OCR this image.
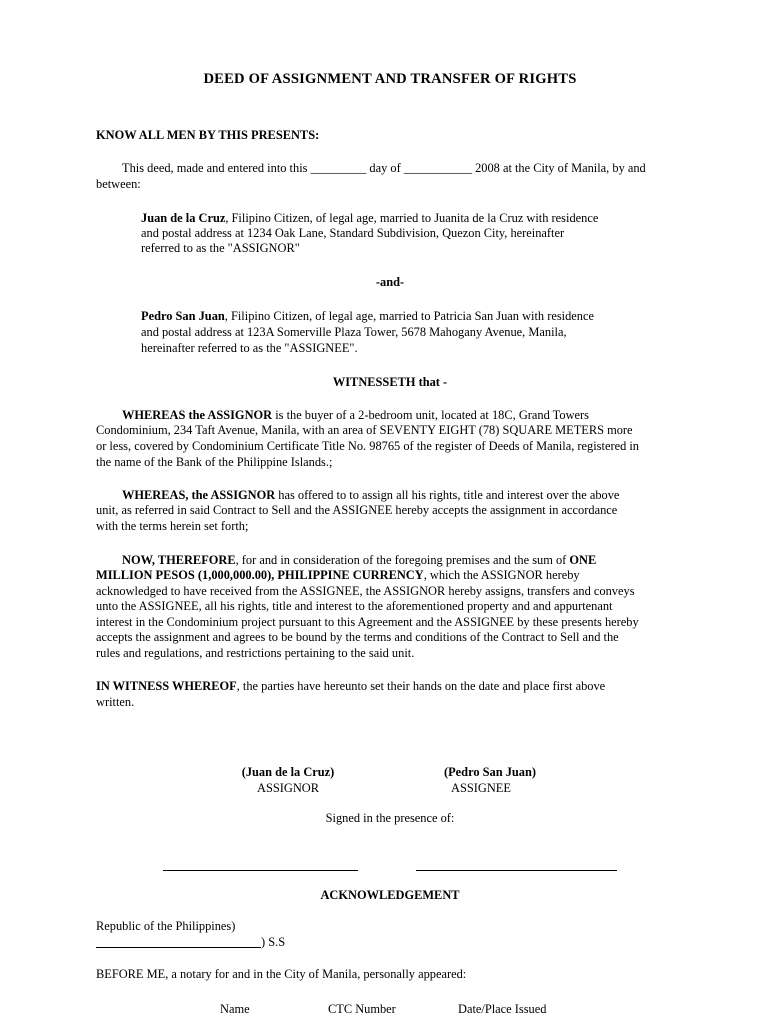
DEED OF ASSIGNMENT AND TRANSFER OF RIGHTS
KNOW ALL MEN BY THIS PRESENTS:
This deed, made and entered into this _________ day of ___________ 2008 at the City of Manila, by and
between:
Juan de la Cruz, Filipino Citizen, of legal age, married to Juanita de la Cruz with residence
and postal address at 1234 Oak Lane, Standard Subdivision, Quezon City, hereinafter
referred to as the "ASSIGNOR"
-and-
Pedro San Juan, Filipino Citizen, of legal age, married to Patricia San Juan with residence
and postal address at 123A Somerville Plaza Tower, 5678 Mahogany Avenue, Manila,
hereinafter referred to as the "ASSIGNEE".
WITNESSETH that -
WHEREAS the ASSIGNOR is the buyer of a 2-bedroom unit, located at 18C, Grand Towers
Condominium, 234 Taft Avenue, Manila, with an area of SEVENTY EIGHT (78) SQUARE METERS more
or less, covered by Condominium Certificate Title No. 98765 of the register of Deeds of Manila, registered in
the name of the Bank of the Philippine Islands.;
WHEREAS, the ASSIGNOR has offered to to assign all his rights, title and interest over the above
unit, as referred in said Contract to Sell and the ASSIGNEE hereby accepts the assignment in accordance
with the terms herein set forth;
NOW, THEREFORE, for and in consideration of the foregoing premises and the sum of ONE
MILLION PESOS (1,000,000.00), PHILIPPINE CURRENCY, which the ASSIGNOR hereby
acknowledged to have received from the ASSIGNEE, the ASSIGNOR hereby assigns, transfers and conveys
unto the ASSIGNEE, all his rights, title and interest to the aforementioned property and and appurtenant
interest in the Condominium project pursuant to this Agreement and the ASSIGNEE by these presents hereby
accepts the assignment and agrees to be bound by the terms and conditions of the Contract to Sell and the
rules and regulations, and restrictions pertaining to the said unit.
IN WITNESS WHEREOF, the parties have hereunto set their hands on the date and place first above
written.
(Juan de la Cruz)
ASSIGNOR
(Pedro San Juan)
ASSIGNEE
Signed in the presence of:
ACKNOWLEDGEMENT
Republic of the Philippines)
) S.S
BEFORE ME, a notary for and in the City of Manila, personally appeared:
Name	CTC Number	Date/Place Issued
